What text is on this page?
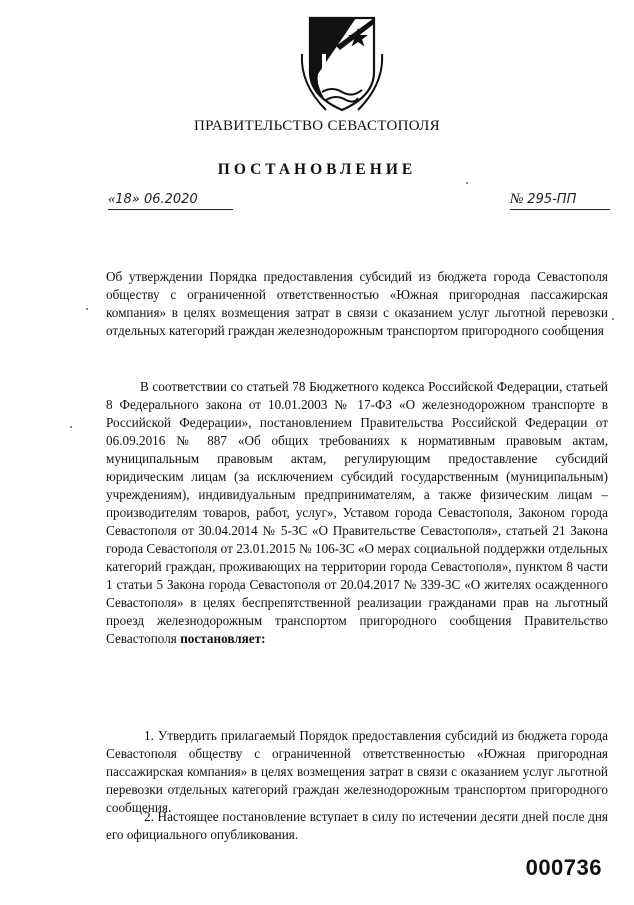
ПРАВИТЕЛЬСТВО СЕВАСТОПОЛЯ
ПОСТАНОВЛЕНИЕ
«18» 06.2020	№ 295-ПП
Об утверждении Порядка предоставления субсидий из бюджета города Севастополя обществу с ограниченной ответственностью «Южная пригородная пассажирская компания» в целях возмещения затрат в связи с оказанием услуг льготной перевозки отдельных категорий граждан железнодорожным транспортом пригородного сообщения
В соответствии со статьей 78 Бюджетного кодекса Российской Федерации, статьей 8 Федерального закона от 10.01.2003 № 17-ФЗ «О железнодорожном транспорте в Российской Федерации», постановлением Правительства Российской Федерации от 06.09.2016 № 887 «Об общих требованиях к нормативным правовым актам, муниципальным правовым актам, регулирующим предоставление субсидий юридическим лицам (за исключением субсидий государственным (муниципальным) учреждениям), индивидуальным предпринимателям, а также физическим лицам – производителям товаров, работ, услуг», Уставом города Севастополя, Законом города Севастополя от 30.04.2014 № 5-ЗС «О Правительстве Севастополя», статьей 21 Закона города Севастополя от 23.01.2015 № 106-ЗС «О мерах социальной поддержки отдельных категорий граждан, проживающих на территории города Севастополя», пунктом 8 части 1 статьи 5 Закона города Севастополя от 20.04.2017 № 339-ЗС «О жителях осажденного Севастополя» в целях беспрепятственной реализации гражданами прав на льготный проезд железнодорожным транспортом пригородного сообщения Правительство Севастополя постановляет:
1. Утвердить прилагаемый Порядок предоставления субсидий из бюджета города Севастополя обществу с ограниченной ответственностью «Южная пригородная пассажирская компания» в целях возмещения затрат в связи с оказанием услуг льготной перевозки отдельных категорий граждан железнодорожным транспортом пригородного сообщения.
2. Настоящее постановление вступает в силу по истечении десяти дней после дня его официального опубликования.
000736
